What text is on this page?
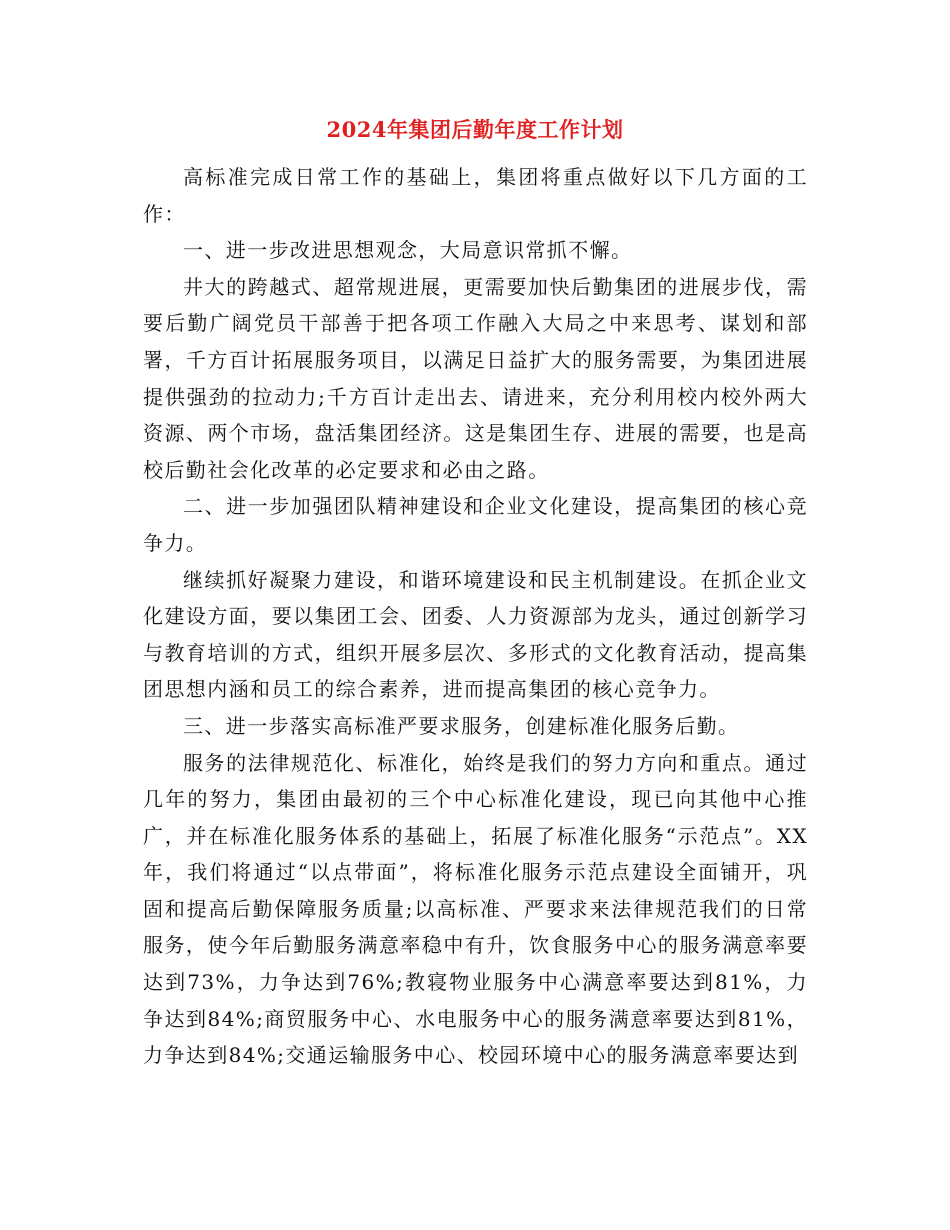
2024年集团后勤年度工作计划

高标准完成日常工作的基础上，集团将重点做好以下几方面的工作：

一、进一步改进思想观念，大局意识常抓不懈。

井大的跨越式、超常规进展，更需要加快后勤集团的进展步伐，需要后勤广阔党员干部善于把各项工作融入大局之中来思考、谋划和部署，千方百计拓展服务项目，以满足日益扩大的服务需要，为集团进展提供强劲的拉动力;千方百计走出去、请进来，充分利用校内校外两大资源、两个市场，盘活集团经济。这是集团生存、进展的需要，也是高校后勤社会化改革的必定要求和必由之路。

二、进一步加强团队精神建设和企业文化建设，提高集团的核心竞争力。

继续抓好凝聚力建设，和谐环境建设和民主机制建设。在抓企业文化建设方面，要以集团工会、团委、人力资源部为龙头，通过创新学习与教育培训的方式，组织开展多层次、多形式的文化教育活动，提高集团思想内涵和员工的综合素养，进而提高集团的核心竞争力。

三、进一步落实高标准严要求服务，创建标准化服务后勤。

服务的法律规范化、标准化，始终是我们的努力方向和重点。通过几年的努力，集团由最初的三个中心标准化建设，现已向其他中心推广，并在标准化服务体系的基础上，拓展了标准化服务“示范点”。XX年，我们将通过“以点带面”，将标准化服务示范点建设全面铺开，巩固和提高后勤保障服务质量;以高标准、严要求来法律规范我们的日常服务，使今年后勤服务满意率稳中有升，饮食服务中心的服务满意率要达到73%，力争达到76%;教寝物业服务中心满意率要达到81%，力争达到84%;商贸服务中心、水电服务中心的服务满意率要达到81%，力争达到84%;交通运输服务中心、校园环境中心的服务满意率要达到
